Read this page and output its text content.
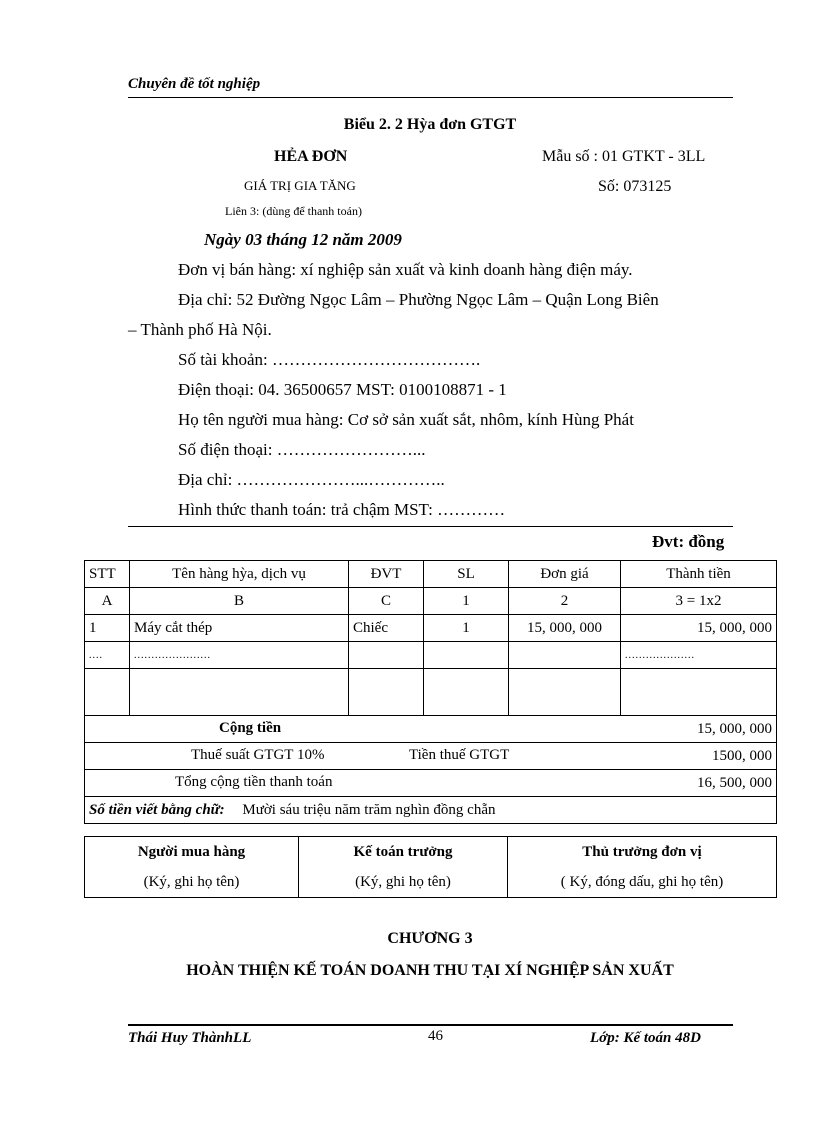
Chuyên đề tốt nghiệp
Biểu 2. 2 Hỳa đơn GTGT
HẺA ĐƠN
GIÁ TRỊ GIA TĂNG
Liên 3: (dùng để thanh toán)
Mẫu số : 01 GTKT - 3LL
Số: 073125
Ngày 03 tháng 12 năm 2009
Đơn vị bán hàng: xí nghiệp sản xuất và kinh doanh hàng điện máy.
Địa chỉ: 52 Đường Ngọc Lâm – Phường Ngọc Lâm – Quận Long Biên
– Thành phố Hà Nội.
Số tài khoản: ……………………………….
Điện thoại: 04. 36500657 MST: 0100108871 - 1
Họ tên người mua hàng: Cơ sở sản xuất sắt, nhôm, kính Hùng Phát
Số điện thoại: ……………………...
Địa chỉ: …………………...…………..
Hình thức thanh toán: trả chậm MST: …………
Đvt: đồng
STT	Tên hàng hỳa, dịch vụ	ĐVT	SL	Đơn giá	Thành tiền
A	B	C	1	2	3 = 1x2
1	Máy cắt thép	Chiếc	1	15, 000, 000	15, 000, 000
....	......................				....................

Cộng tiền 15, 000, 000					

Thuế suất GTGT 10% Tiền thuế GTGT 1500, 000					

Tổng cộng tiền thanh toán 16, 500, 000					

Số tiền viết bằng chữ: Mười sáu triệu năm trăm nghìn đồng chẵn					
Người mua hàng	Kế toán trưởng	Thủ trưởng đơn vị
(Ký, ghi họ tên)	(Ký, ghi họ tên)	( Ký, đóng dấu, ghi họ tên)
CHƯƠNG 3
HOÀN THIỆN KẾ TOÁN DOANH THU TẠI XÍ NGHIỆP SẢN XUẤT
Thái Huy ThànhLL	46	Lớp: Kế toán 48D
